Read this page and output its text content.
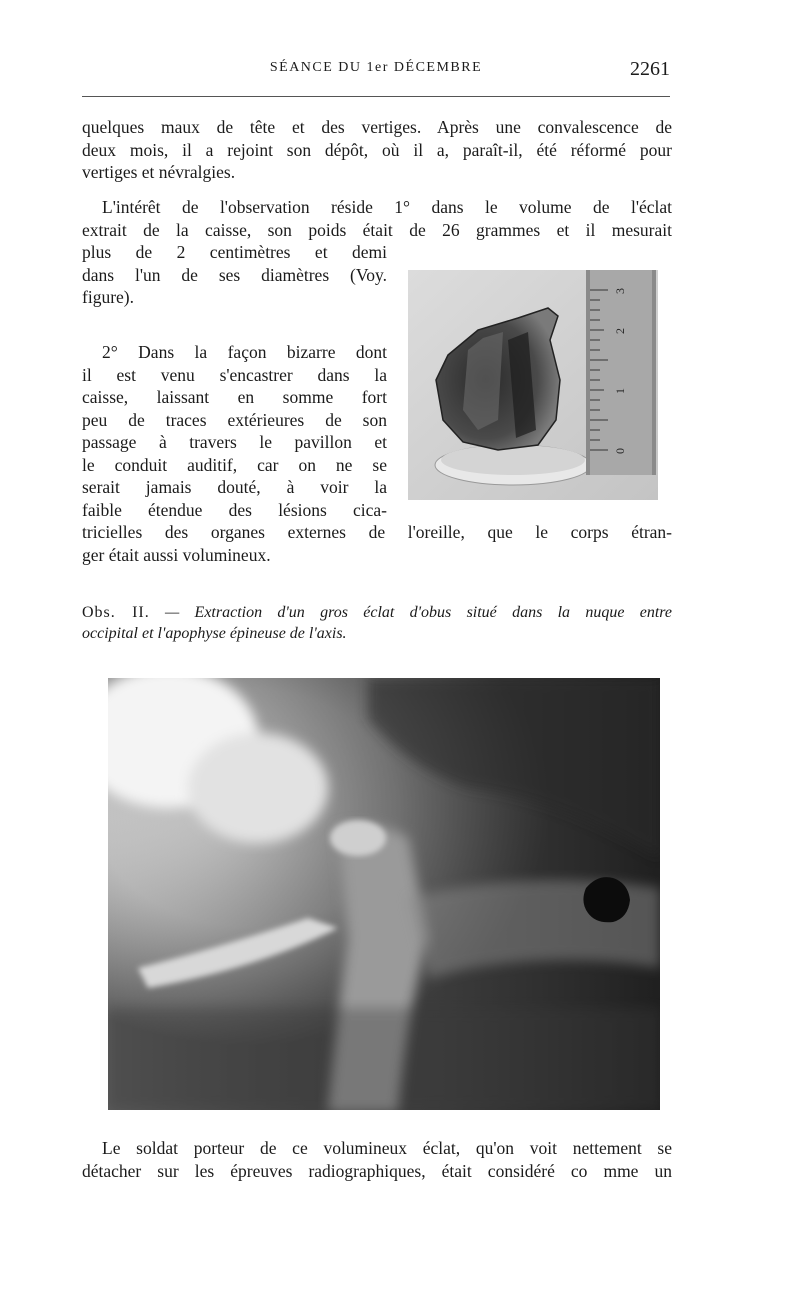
SÉANCE DU 1er DÉCEMBRE	2261

quelques maux de tête et des vertiges. Après une convalescence de
deux mois, il a rejoint son dépôt, où il a, paraît-il, été réformé pour
vertiges et névralgies.

L'intérêt de l'observation réside 1° dans le volume de l'éclat
extrait de la caisse, son poids était de 26 grammes et il mesurait

plus de 2 centimètres et demi
dans l'un de ses diamètres (Voy.
figure).

2° Dans la façon bizarre dont
il est venu s'encastrer dans la
caisse, laissant en somme fort
peu de traces extérieures de son
passage à travers le pavillon et
le conduit auditif, car on ne se
serait jamais douté, à voir la
faible étendue des lésions cica-

tricielles des organes externes de l'oreille, que le corps étran-
ger était aussi volumineux.

0
1
2
3

Obs. II. — Extraction d'un gros éclat d'obus situé dans la nuque entre
occipital et l'apophyse épineuse de l'axis.

Le soldat porteur de ce volumineux éclat, qu'on voit nettement se
détacher sur les épreuves radiographiques, était considéré co mme un
